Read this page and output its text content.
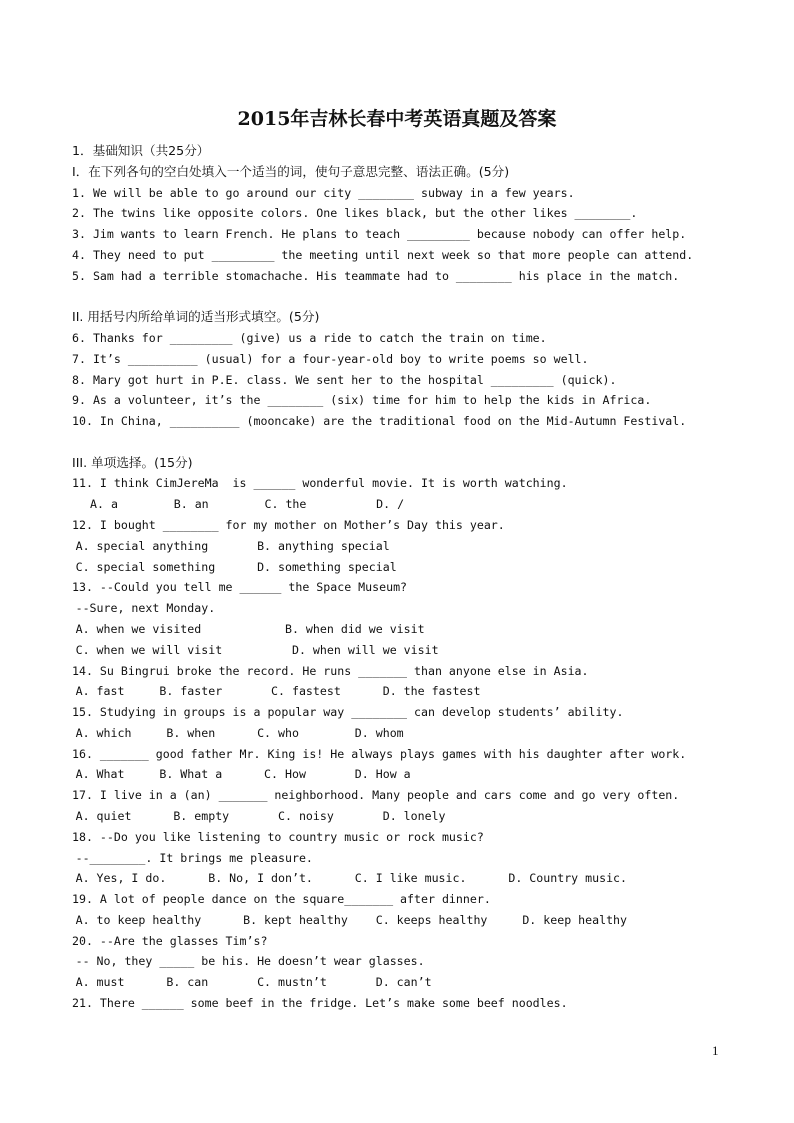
2015年吉林长春中考英语真题及答案
1．基础知识（共25分）
I．在下列各句的空白处填入一个适当的词，使句子意思完整、语法正确。(5分)
1. We will be able to go around our city ________ subway in a few years.
2. The twins like opposite colors. One likes black, but the other likes ________.
3. Jim wants to learn French. He plans to teach _________ because nobody can offer help.
4. They need to put _________ the meeting until next week so that more people can attend.
5. Sam had a terrible stomachache. His teammate had to ________ his place in the match.
II. 用括号内所给单词的适当形式填空。(5分)
6. Thanks for _________ (give) us a ride to catch the train on time.
7. It’s __________ (usual) for a four-year-old boy to write poems so well.
8. Mary got hurt in P.E. class. We sent her to the hospital _________ (quick).
9. As a volunteer, it’s the ________ (six) time for him to help the kids in Africa.
10. In China, __________ (mooncake) are the traditional food on the Mid-Autumn Festival.
III. 单项选择。(15分)
11. I think CimJereMa  is ______ wonderful movie. It is worth watching.
A. a        B. an        C. the          D. /
12. I bought ________ for my mother on Mother’s Day this year.
A. special anything       B. anything special
C. special something      D. something special
13. --Could you tell me ______ the Space Museum?
--Sure, next Monday.
A. when we visited            B. when did we visit
C. when we will visit          D. when will we visit
14. Su Bingrui broke the record. He runs _______ than anyone else in Asia.
A. fast     B. faster       C. fastest      D. the fastest
15. Studying in groups is a popular way ________ can develop students’ ability.
A. which     B. when      C. who        D. whom
16. _______ good father Mr. King is! He always plays games with his daughter after work.
A. What     B. What a      C. How       D. How a
17. I live in a (an) _______ neighborhood. Many people and cars come and go very often.
A. quiet      B. empty       C. noisy       D. lonely
18. --Do you like listening to country music or rock music?
--________. It brings me pleasure.
A. Yes, I do.      B. No, I don’t.      C. I like music.      D. Country music.
19. A lot of people dance on the square_______ after dinner.
A. to keep healthy      B. kept healthy    C. keeps healthy     D. keep healthy
20. --Are the glasses Tim’s?
-- No, they _____ be his. He doesn’t wear glasses.
A. must      B. can       C. mustn’t       D. can’t
21. There ______ some beef in the fridge. Let’s make some beef noodles.
1
